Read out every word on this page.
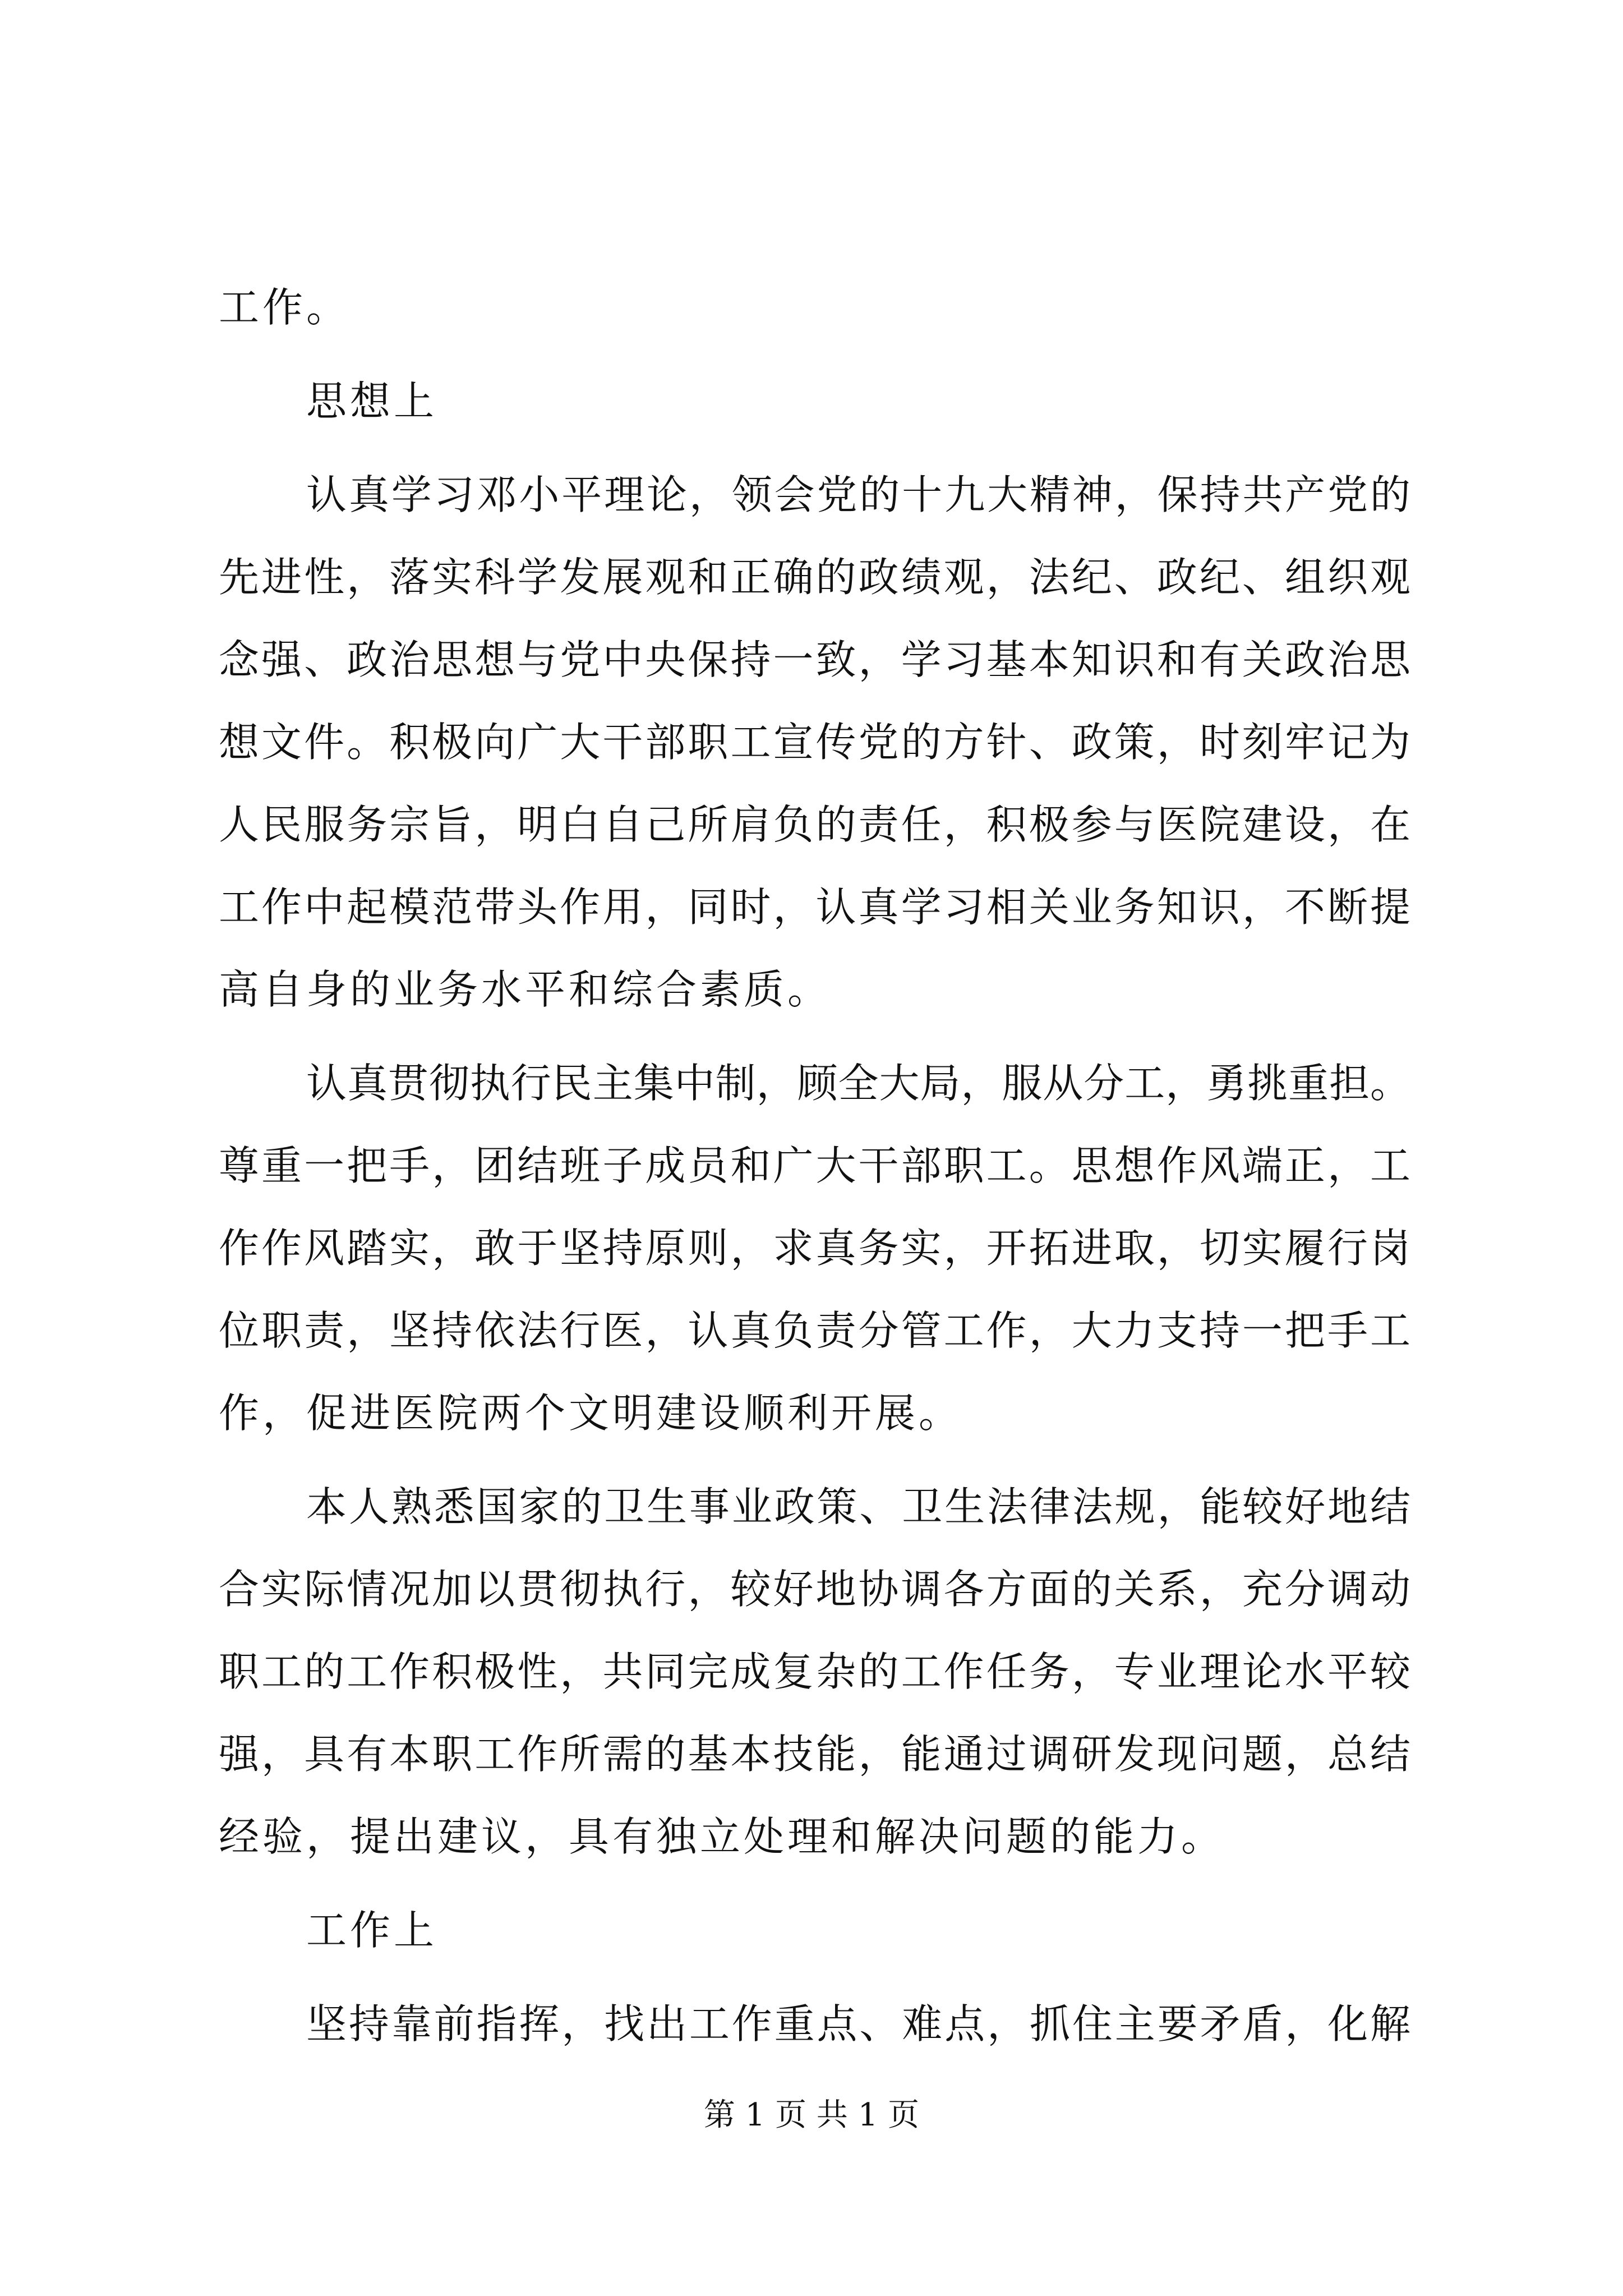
工作。
思想上
认真学习邓小平理论，领会党的十九大精神，保持共产党的
先进性，落实科学发展观和正确的政绩观，法纪、政纪、组织观
念强、政治思想与党中央保持一致，学习基本知识和有关政治思
想文件。积极向广大干部职工宣传党的方针、政策，时刻牢记为
人民服务宗旨，明白自己所肩负的责任，积极参与医院建设，在
工作中起模范带头作用，同时，认真学习相关业务知识，不断提
高自身的业务水平和综合素质。
认真贯彻执行民主集中制，顾全大局，服从分工，勇挑重担。
尊重一把手，团结班子成员和广大干部职工。思想作风端正，工
作作风踏实，敢于坚持原则，求真务实，开拓进取，切实履行岗
位职责，坚持依法行医，认真负责分管工作，大力支持一把手工
作，促进医院两个文明建设顺利开展。
本人熟悉国家的卫生事业政策、卫生法律法规，能较好地结
合实际情况加以贯彻执行，较好地协调各方面的关系，充分调动
职工的工作积极性，共同完成复杂的工作任务，专业理论水平较
强，具有本职工作所需的基本技能，能通过调研发现问题，总结
经验，提出建议，具有独立处理和解决问题的能力。
工作上
坚持靠前指挥，找出工作重点、难点，抓住主要矛盾，化解
第 1 页 共 1 页
